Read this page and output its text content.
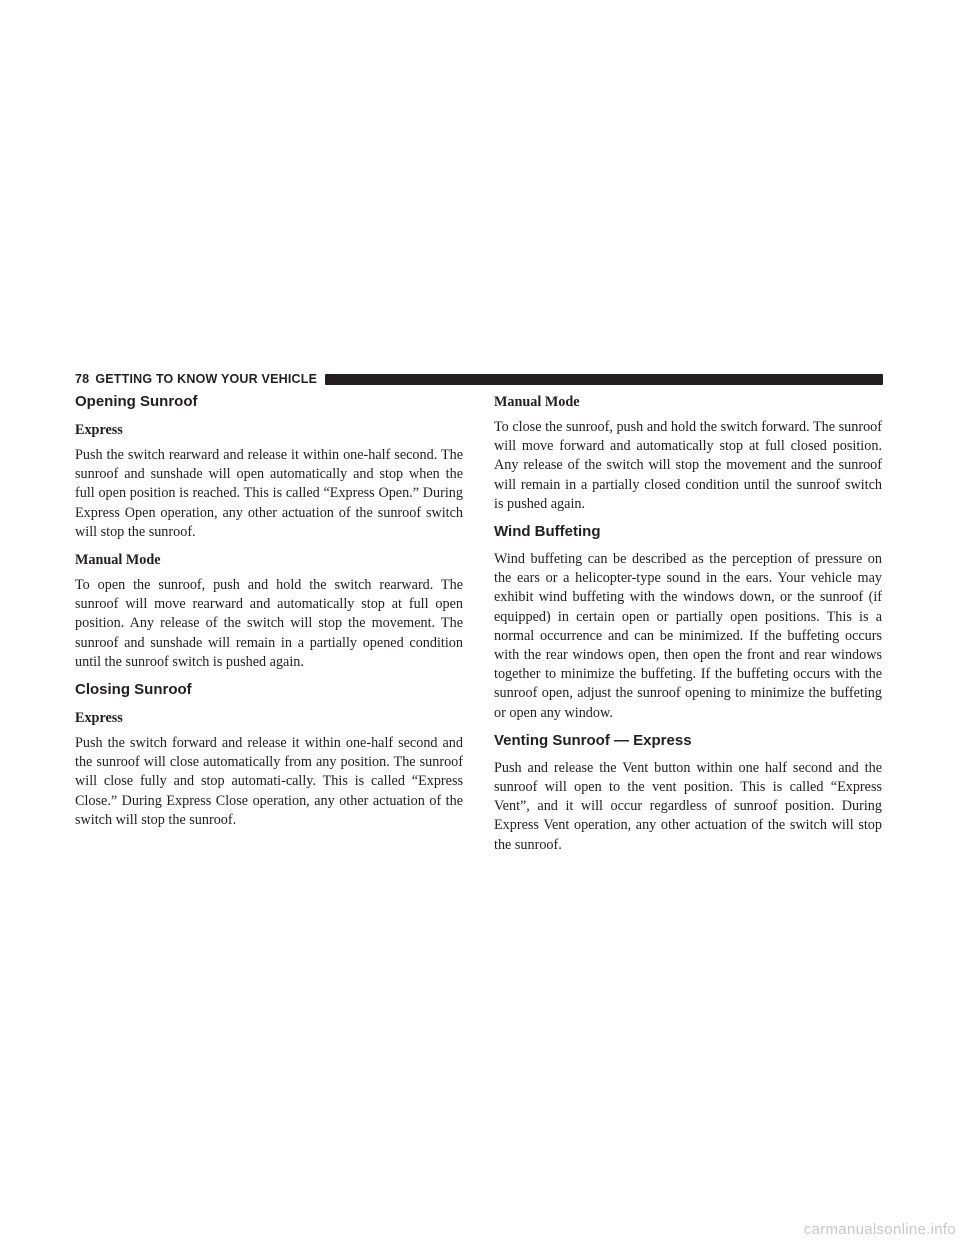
78 GETTING TO KNOW YOUR VEHICLE
Opening Sunroof
Express

Push the switch rearward and release it within one-half second. The sunroof and sunshade will open automatically and stop when the full open position is reached. This is called “Express Open.” During Express Open operation, any other actuation of the sunroof switch will stop the sunroof.

Manual Mode

To open the sunroof, push and hold the switch rearward. The sunroof will move rearward and automatically stop at full open position. Any release of the switch will stop the movement. The sunroof and sunshade will remain in a partially opened condition until the sunroof switch is pushed again.

Closing Sunroof
Express

Push the switch forward and release it within one-half second and the sunroof will close automatically from any position. The sunroof will close fully and stop automati-cally. This is called “Express Close.” During Express Close operation, any other actuation of the switch will stop the sunroof.

Manual Mode

To close the sunroof, push and hold the switch forward. The sunroof will move forward and automatically stop at full closed position. Any release of the switch will stop the movement and the sunroof will remain in a partially closed condition until the sunroof switch is pushed again.

Wind Buffeting

Wind buffeting can be described as the perception of pressure on the ears or a helicopter-type sound in the ears. Your vehicle may exhibit wind buffeting with the windows down, or the sunroof (if equipped) in certain open or partially open positions. This is a normal occurrence and can be minimized. If the buffeting occurs with the rear windows open, then open the front and rear windows together to minimize the buffeting. If the buffeting occurs with the sunroof open, adjust the sunroof opening to minimize the buffeting or open any window.

Venting Sunroof — Express

Push and release the Vent button within one half second and the sunroof will open to the vent position. This is called “Express Vent”, and it will occur regardless of sunroof position. During Express Vent operation, any other actuation of the switch will stop the sunroof.

carmanualsonline.info
